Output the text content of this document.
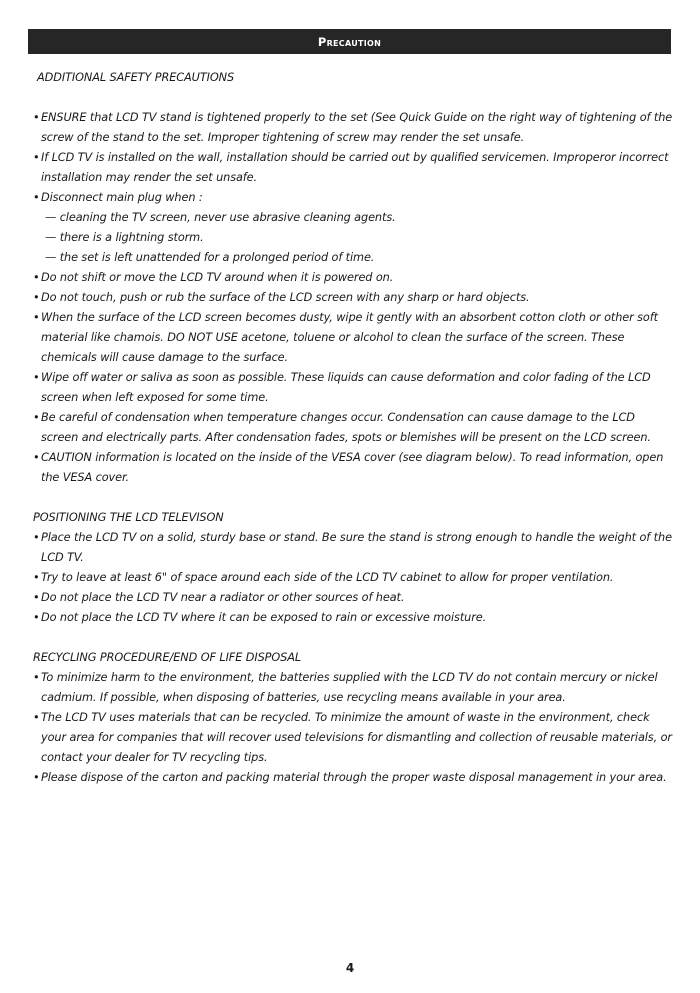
Precaution

ADDITIONAL SAFETY PRECAUTIONS

• ENSURE that LCD TV stand is tightened properly to the set (See Quick Guide on the right way of tightening of the screw of the stand to the set. Improper tightening of screw may render the set unsafe.

• If LCD TV is installed on the wall, installation should be carried out by qualified servicemen. Improperor incorrect installation may render the set unsafe.

• Disconnect main plug when :

— cleaning the TV screen, never use abrasive cleaning agents.

— there is a lightning storm.

— the set is left unattended for a prolonged period of time.

• Do not shift or move the LCD TV around when it is powered on.

• Do not touch, push or rub the surface of the LCD screen with any sharp or hard objects.

• When the surface of the LCD screen becomes dusty, wipe it gently with an absorbent cotton cloth or other soft material like chamois. DO NOT USE acetone, toluene or alcohol to clean the surface of the screen. These chemicals will cause damage to the surface.

• Wipe off water or saliva as soon as possible. These liquids can cause deformation and color fading of the LCD screen when left exposed for some time.

• Be careful of condensation when temperature changes occur. Condensation can cause damage to the LCD screen and electrically parts. After condensation fades, spots or blemishes will be present on the LCD screen.

• CAUTION information is located on the inside of the VESA cover (see diagram below). To read information, open the VESA cover.

POSITIONING THE LCD TELEVISON

• Place the LCD TV on a solid, sturdy base or stand. Be sure the stand is strong enough to handle the weight of the LCD TV.

• Try to leave at least 6" of space around each side of the LCD TV cabinet to allow for proper ventilation.

• Do not place the LCD TV near a radiator or other sources of heat.

• Do not place the LCD TV where it can be exposed to rain or excessive moisture.

RECYCLING PROCEDURE/END OF LIFE DISPOSAL

• To minimize harm to the environment, the batteries supplied with the LCD TV do not contain mercury or nickel cadmium. If possible, when disposing of batteries, use recycling means available in your area.

• The LCD TV uses materials that can be recycled. To minimize the amount of waste in the environment, check your area for companies that will recover used televisions for dismantling and collection of reusable materials, or contact your dealer for TV recycling tips.

• Please dispose of the carton and packing material through the proper waste disposal management in your area.

4
